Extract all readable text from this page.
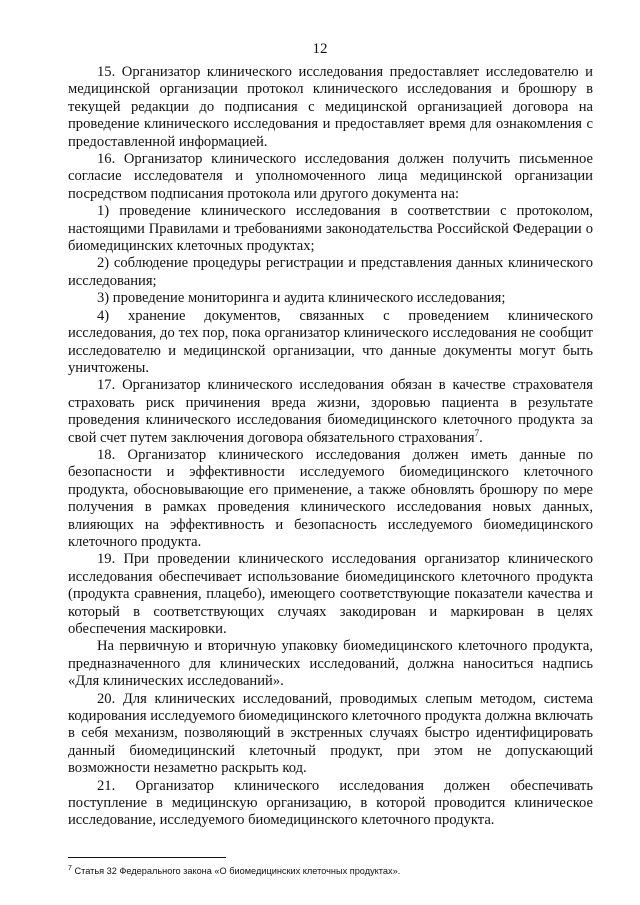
12

15. Организатор клинического исследования предоставляет исследователю и медицинской организации протокол клинического исследования и брошюру в текущей редакции до подписания с медицинской организацией договора на проведение клинического исследования и предоставляет время для ознакомления с предоставленной информацией.

16. Организатор клинического исследования должен получить письменное согласие исследователя и уполномоченного лица медицинской организации посредством подписания протокола или другого документа на:

1) проведение клинического исследования в соответствии с протоколом, настоящими Правилами и требованиями законодательства Российской Федерации о биомедицинских клеточных продуктах;

2) соблюдение процедуры регистрации и представления данных клинического исследования;

3) проведение мониторинга и аудита клинического исследования;

4) хранение документов, связанных с проведением клинического исследования, до тех пор, пока организатор клинического исследования не сообщит исследователю и медицинской организации, что данные документы могут быть уничтожены.

17. Организатор клинического исследования обязан в качестве страхователя страховать риск причинения вреда жизни, здоровью пациента в результате проведения клинического исследования биомедицинского клеточного продукта за свой счет путем заключения договора обязательного страхования$^7$.

18. Организатор клинического исследования должен иметь данные по безопасности и эффективности исследуемого биомедицинского клеточного продукта, обосновывающие его применение, а также обновлять брошюру по мере получения в рамках проведения клинического исследования новых данных, влияющих на эффективность и безопасность исследуемого биомедицинского клеточного продукта.

19. При проведении клинического исследования организатор клинического исследования обеспечивает использование биомедицинского клеточного продукта (продукта сравнения, плацебо), имеющего соответствующие показатели качества и который в соответствующих случаях закодирован и маркирован в целях обеспечения маскировки.

На первичную и вторичную упаковку биомедицинского клеточного продукта, предназначенного для клинических исследований, должна наноситься надпись «Для клинических исследований».

20. Для клинических исследований, проводимых слепым методом, система кодирования исследуемого биомедицинского клеточного продукта должна включать в себя механизм, позволяющий в экстренных случаях быстро идентифицировать данный биомедицинский клеточный продукт, при этом не допускающий возможности незаметно раскрыть код.

21. Организатор клинического исследования должен обеспечивать поступление в медицинскую организацию, в которой проводится клиническое исследование, исследуемого биомедицинского клеточного продукта.

$^7$ Статья 32 Федерального закона «О биомедицинских клеточных продуктах».
